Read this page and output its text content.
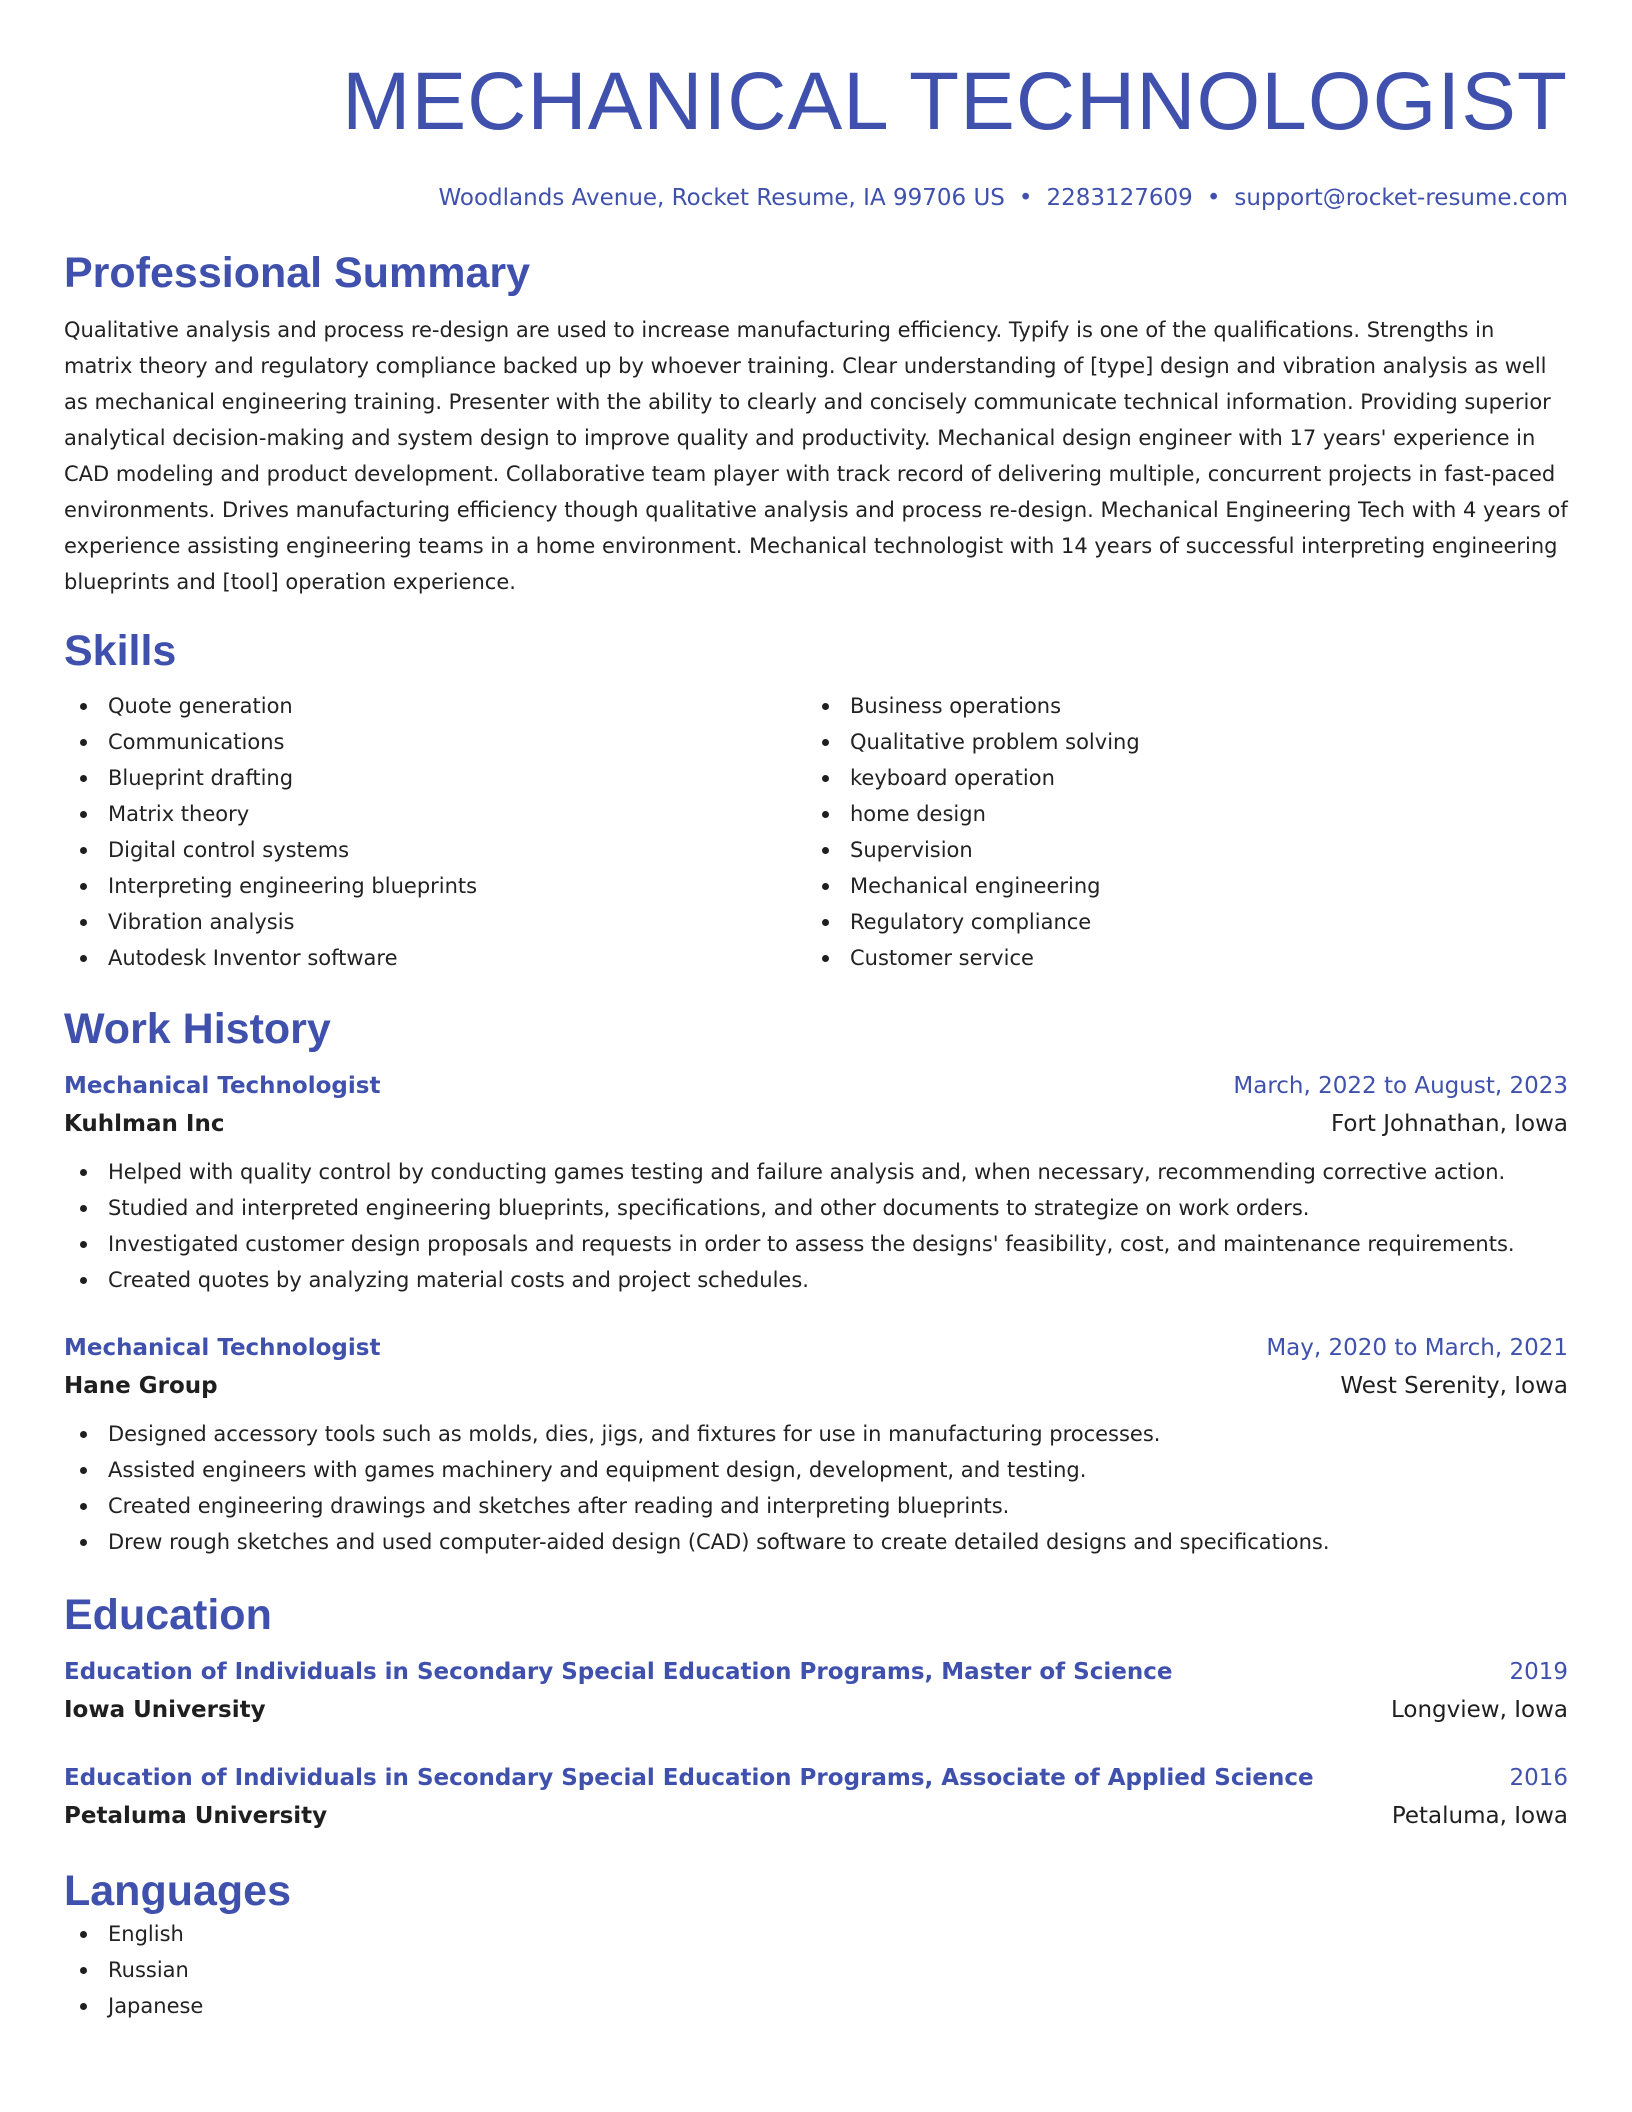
MECHANICAL TECHNOLOGIST
Woodlands Avenue, Rocket Resume, IA 99706 US • 2283127609 • support@rocket-resume.com
Professional Summary

Qualitative analysis and process re-design are used to increase manufacturing efficiency. Typify is one of the qualifications. Strengths in matrix theory and regulatory compliance backed up by whoever training. Clear understanding of [type] design and vibration analysis as well as mechanical engineering training. Presenter with the ability to clearly and concisely communicate technical information. Providing superior analytical decision-making and system design to improve quality and productivity. Mechanical design engineer with 17 years' experience in CAD modeling and product development. Collaborative team player with track record of delivering multiple, concurrent projects in fast-paced environments. Drives manufacturing efficiency though qualitative analysis and process re-design. Mechanical Engineering Tech with 4 years of experience assisting engineering teams in a home environment. Mechanical technologist with 14 years of successful interpreting engineering blueprints and [tool] operation experience.

Skills
Quote generation
Communications
Blueprint drafting
Matrix theory
Digital control systems
Interpreting engineering blueprints
Vibration analysis
Autodesk Inventor software
Business operations
Qualitative problem solving
keyboard operation
home design
Supervision
Mechanical engineering
Regulatory compliance
Customer service
Work History
Mechanical Technologist	March, 2022 to August, 2023
Kuhlman Inc	Fort Johnathan, Iowa
Helped with quality control by conducting games testing and failure analysis and, when necessary, recommending corrective action.
Studied and interpreted engineering blueprints, specifications, and other documents to strategize on work orders.
Investigated customer design proposals and requests in order to assess the designs' feasibility, cost, and maintenance requirements.
Created quotes by analyzing material costs and project schedules.
Mechanical Technologist	May, 2020 to March, 2021
Hane Group	West Serenity, Iowa
Designed accessory tools such as molds, dies, jigs, and fixtures for use in manufacturing processes.
Assisted engineers with games machinery and equipment design, development, and testing.
Created engineering drawings and sketches after reading and interpreting blueprints.
Drew rough sketches and used computer-aided design (CAD) software to create detailed designs and specifications.
Education
Education of Individuals in Secondary Special Education Programs, Master of Science	2019
Iowa University	Longview, Iowa
Education of Individuals in Secondary Special Education Programs, Associate of Applied Science	2016
Petaluma University	Petaluma, Iowa
Languages
English
Russian
Japanese
